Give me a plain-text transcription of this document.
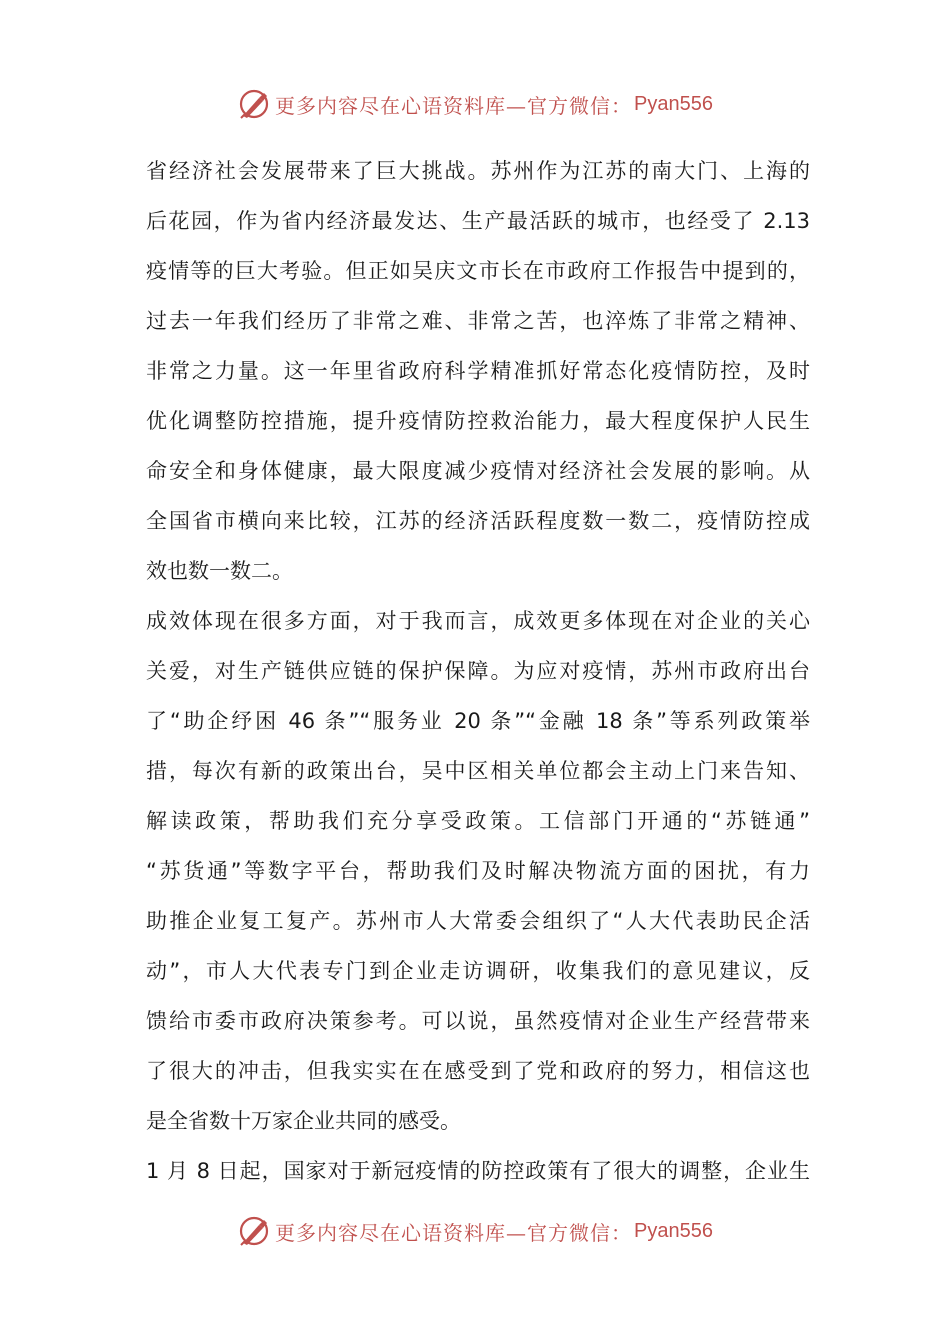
更多内容尽在心语资料库—官方微信： Pyan556
省经济社会发展带来了巨大挑战。苏州作为江苏的南大门、上海的
后花园，作为省内经济最发达、生产最活跃的城市，也经受了 2.13
疫情等的巨大考验。但正如吴庆文市长在市政府工作报告中提到的，
过去一年我们经历了非常之难、非常之苦，也淬炼了非常之精神、
非常之力量。这一年里省政府科学精准抓好常态化疫情防控，及时
优化调整防控措施，提升疫情防控救治能力，最大程度保护人民生
命安全和身体健康，最大限度减少疫情对经济社会发展的影响。从
全国省市横向来比较，江苏的经济活跃程度数一数二，疫情防控成
效也数一数二。
成效体现在很多方面，对于我而言，成效更多体现在对企业的关心
关爱，对生产链供应链的保护保障。为应对疫情，苏州市政府出台
了“助企纾困 46 条”“服务业 20 条”“金融 18 条”等系列政策举
措，每次有新的政策出台，吴中区相关单位都会主动上门来告知、
解读政策，帮助我们充分享受政策。工信部门开通的“苏链通”
“苏货通”等数字平台，帮助我们及时解决物流方面的困扰，有力
助推企业复工复产。苏州市人大常委会组织了“人大代表助民企活
动”，市人大代表专门到企业走访调研，收集我们的意见建议，反
馈给市委市政府决策参考。可以说，虽然疫情对企业生产经营带来
了很大的冲击，但我实实在在感受到了党和政府的努力，相信这也
是全省数十万家企业共同的感受。
1 月 8 日起，国家对于新冠疫情的防控政策有了很大的调整，企业生
更多内容尽在心语资料库—官方微信： Pyan556
